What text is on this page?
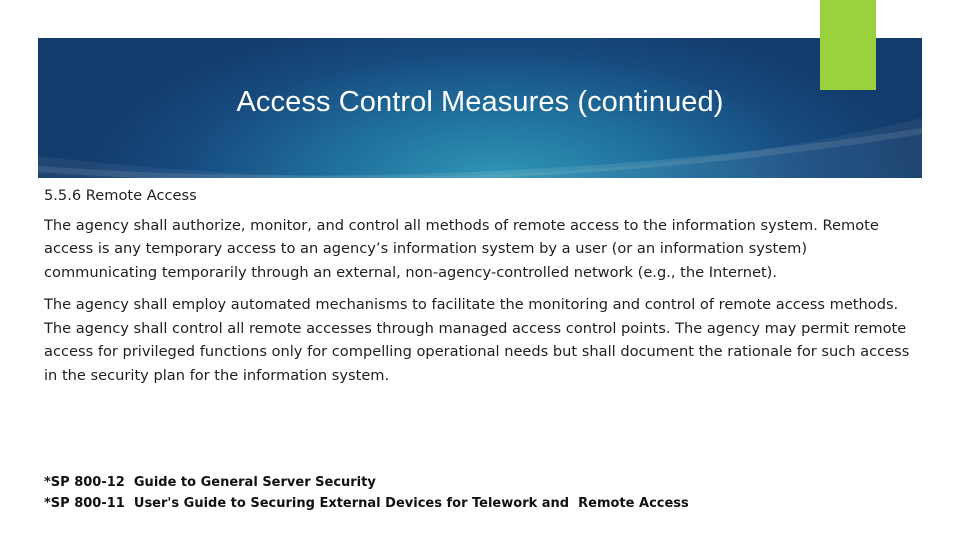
Access Control Measures (continued)
5.5.6 Remote Access

The agency shall authorize, monitor, and control all methods of remote access to the information system. Remote access is any temporary access to an agency’s information system by a user (or an information system) communicating temporarily through an external, non-agency-controlled network (e.g., the Internet).

The agency shall employ automated mechanisms to facilitate the monitoring and control of remote access methods. The agency shall control all remote accesses through managed access control points. The agency may permit remote access for privileged functions only for compelling operational needs but shall document the rationale for such access in the security plan for the information system.

*SP 800-12  Guide to General Server Security
*SP 800-11  User's Guide to Securing External Devices for Telework and  Remote Access
